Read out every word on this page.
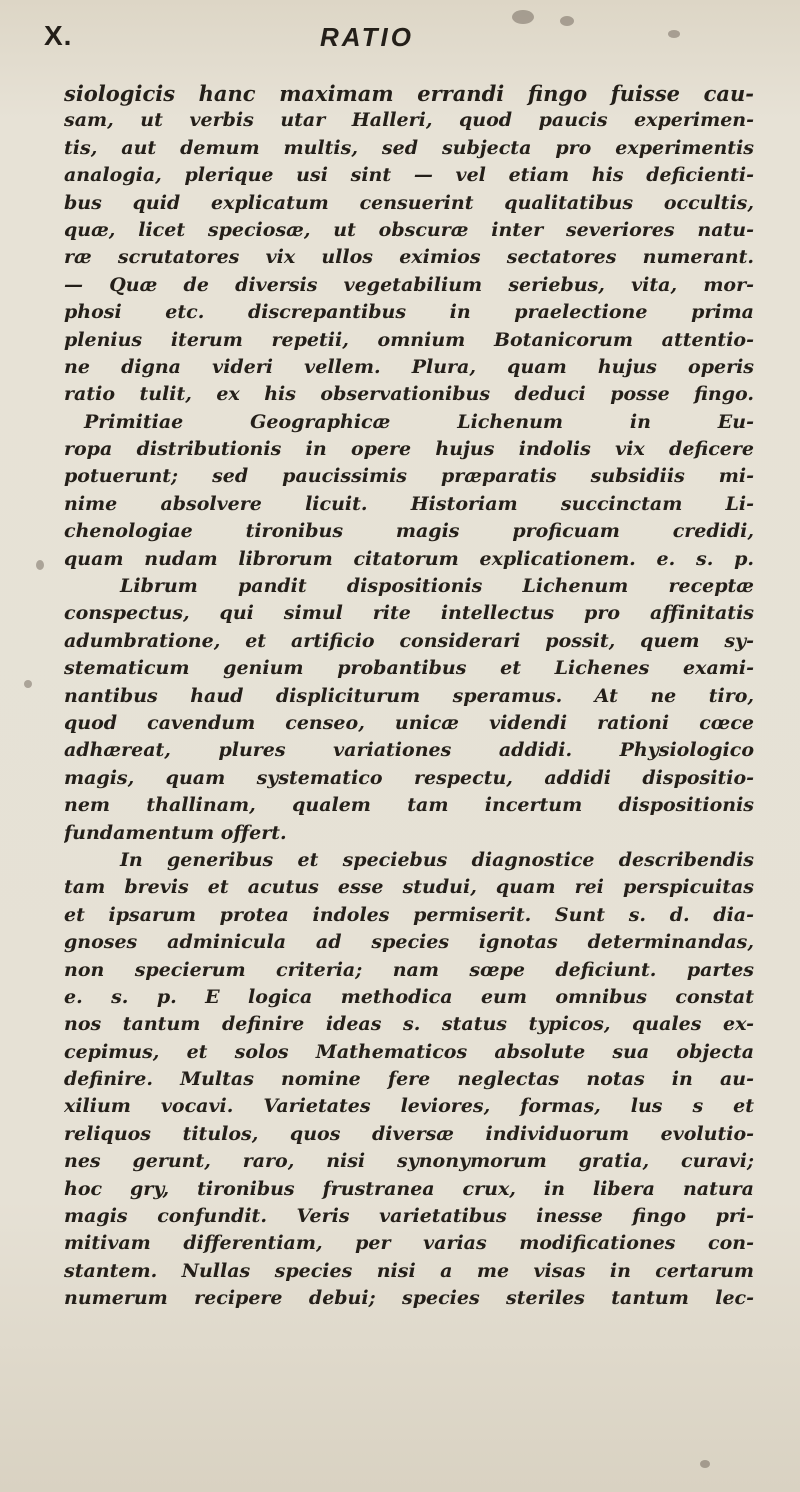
X.	RATIO
siologicis hanc maximam errandi fingo fuisse cau-
sam, ut verbis utar Halleri, quod paucis experimen-
tis, aut demum multis, sed subjecta pro experimentis
analogia, plerique usi sint — vel etiam his deficienti-
bus quid explicatum censuerint qualitatibus occultis,
quæ, licet speciosæ, ut obscuræ inter severiores natu-
ræ scrutatores vix ullos eximios sectatores numerant.
— Quæ de diversis vegetabilium seriebus, vita, mor-
phosi etc. discrepantibus in praelectione prima
plenius iterum repetii, omnium Botanicorum attentio-
ne digna videri vellem. Plura, quam hujus operis
ratio tulit, ex his observationibus deduci posse fingo.
Primitiae Geographicæ Lichenum in Eu-
ropa distributionis in opere hujus indolis vix deficere
potuerunt; sed paucissimis præparatis subsidiis mi-
nime absolvere licuit. Historiam succinctam Li-
chenologiae tironibus magis proficuam credidi,
quam nudam librorum citatorum explicationem. e. s. p.
Librum pandit dispositionis Lichenum receptæ
conspectus, qui simul rite intellectus pro affinitatis
adumbratione, et artificio considerari possit, quem sy-
stematicum genium probantibus et Lichenes exami-
nantibus haud displiciturum speramus. At ne tiro,
quod cavendum censeo, unicæ videndi rationi cœce
adhæreat, plures variationes addidi. Physiologico
magis, quam systematico respectu, addidi dispositio-
nem thallinam, qualem tam incertum dispositionis
fundamentum offert.
In generibus et speciebus diagnostice describendis
tam brevis et acutus esse studui, quam rei perspicuitas
et ipsarum protea indoles permiserit. Sunt s. d. dia-
gnoses adminicula ad species ignotas determinandas,
non specierum criteria; nam sœpe deficiunt. partes
e. s. p. E logica methodica eum omnibus constat
nos tantum definire ideas s. status typicos, quales ex-
cepimus, et solos Mathematicos absolute sua objecta
definire. Multas nomine fere neglectas notas in au-
xilium vocavi. Varietates leviores, formas, lus s et
reliquos titulos, quos diversæ individuorum evolutio-
nes gerunt, raro, nisi synonymorum gratia, curavi;
hoc gry, tironibus frustranea crux, in libera natura
magis confundit. Veris varietatibus inesse fingo pri-
mitivam differentiam, per varias modificationes con-
stantem. Nullas species nisi a me visas in certarum
numerum recipere debui; species steriles tantum lec-
